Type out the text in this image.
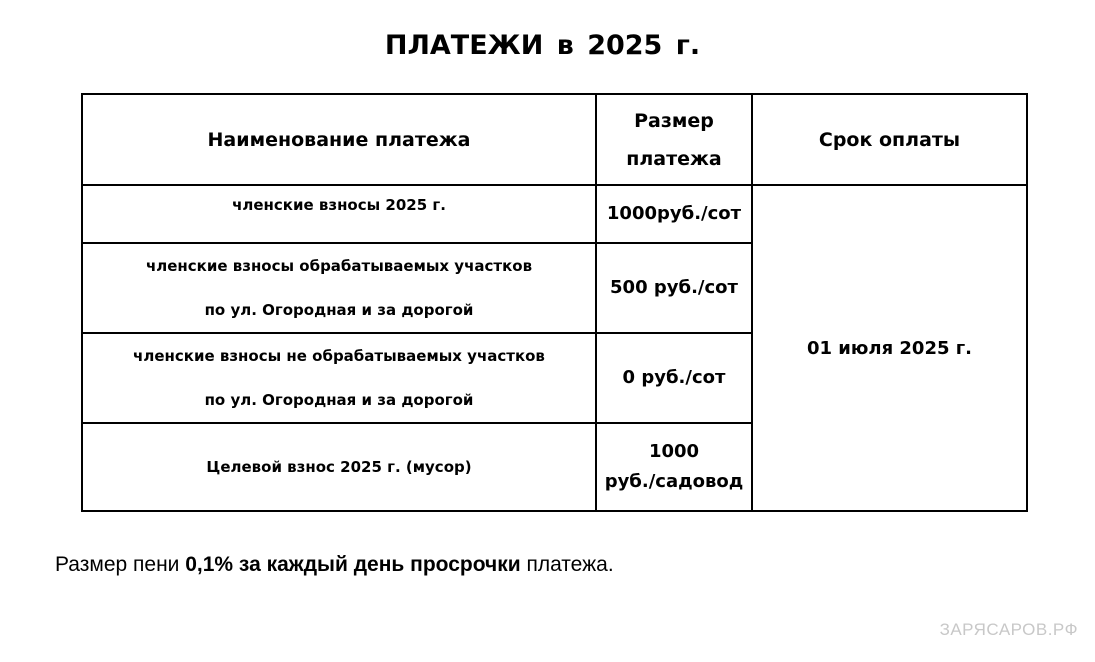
ПЛАТЕЖИ в 2025 г.
Наименование платежа	Размер платежа	Срок оплаты
членские взносы 2025 г.	1000руб./сот	01 июля 2025 г.

членские взносы обрабатываемых участков
по ул. Огородная и за дорогой	500 руб./сот	

членские взносы не обрабатываемых участков
по ул. Огородная и за дорогой	0 руб./сот	
Целевой взнос 2025 г. (мусор)	1000
руб./садовод	
Размер пени 0,1% за каждый день просрочки платежа.
ЗАРЯСАРОВ.РФ
